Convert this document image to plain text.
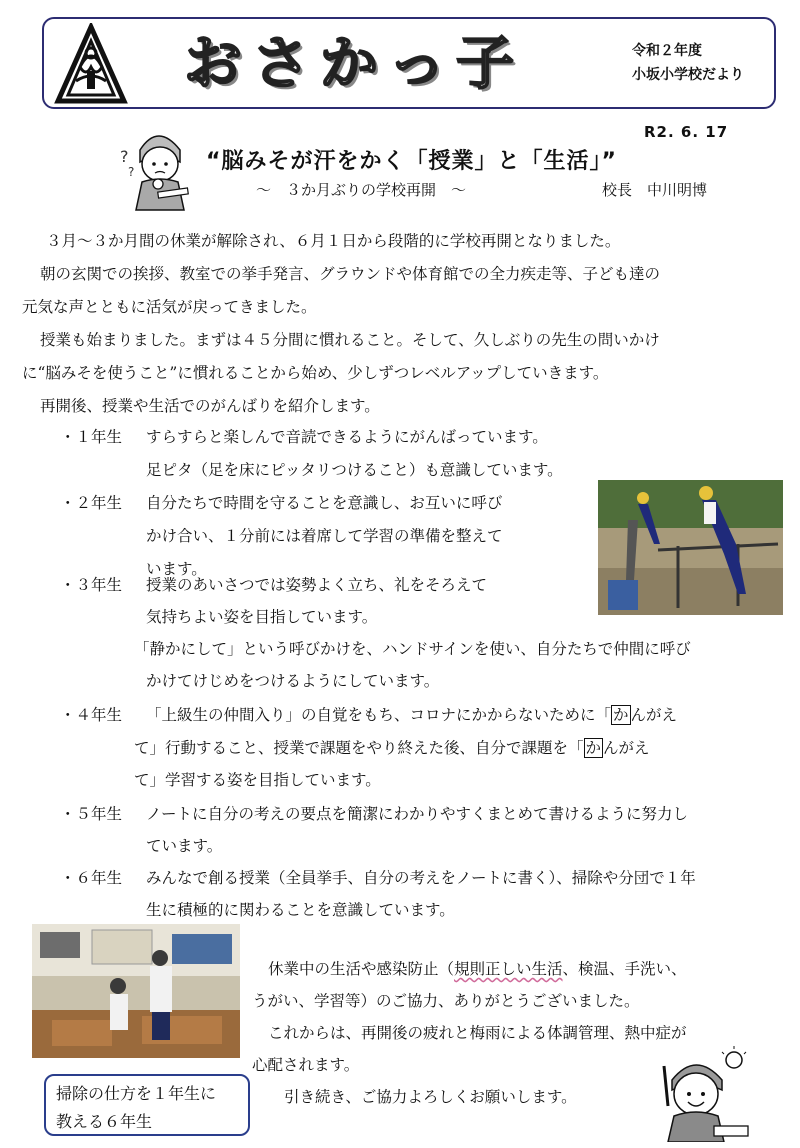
おさかっ子	令和２年度
小坂小学校だより
R2. 6. 17
?
?	“脳みそが汗をかく「授業」と「生活」”
～　３か月ぶりの学校再開　～	校長　中川明博
３月～３か月間の休業が解除され、６月１日から段階的に学校再開となりました。
朝の玄関での挨拶、教室での挙手発言、グラウンドや体育館での全力疾走等、子ども達の
元気な声とともに活気が戻ってきました。
授業も始まりました。まずは４５分間に慣れること。そして、久しぶりの先生の問いかけ
に“脳みそを使うこと”に慣れることから始め、少しずつレベルアップしていきます。
再開後、授業や生活でのがんばりを紹介します。
・１年生 すらすらと楽しんで音読できるようにがんばっています。
足ピタ（足を床にピッタリつけること）も意識しています。
・２年生 自分たちで時間を守ることを意識し、お互いに呼び
かけ合い、１分前には着席して学習の準備を整えて
います。
・３年生 授業のあいさつでは姿勢よく立ち、礼をそろえて
気持ちよい姿を目指しています。
「静かにして」という呼びかけを、ハンドサインを使い、自分たちで仲間に呼び
かけてけじめをつけるようにしています。
・４年生 「上級生の仲間入り」の自覚をもち、コロナにかからないために「 か んがえ
て」行動すること、授業で課題をやり終えた後、自分で課題を「 か んがえ
て」学習する姿を目指しています。
・５年生 ノートに自分の考えの要点を簡潔にわかりやすくまとめて書けるように努力し
ています。
・６年生 みんなで創る授業（全員挙手、自分の考えをノートに書く）、掃除や分団で１年
生に積極的に関わることを意識しています。
休業中の生活や感染防止（規則正しい生活、検温、手洗い、
うがい、学習等）のご協力、ありがとうございました。
これからは、再開後の疲れと梅雨による体調管理、熱中症が
心配されます。
引き続き、ご協力よろしくお願いします。
掃除の仕方を１年生に
教える６年生
